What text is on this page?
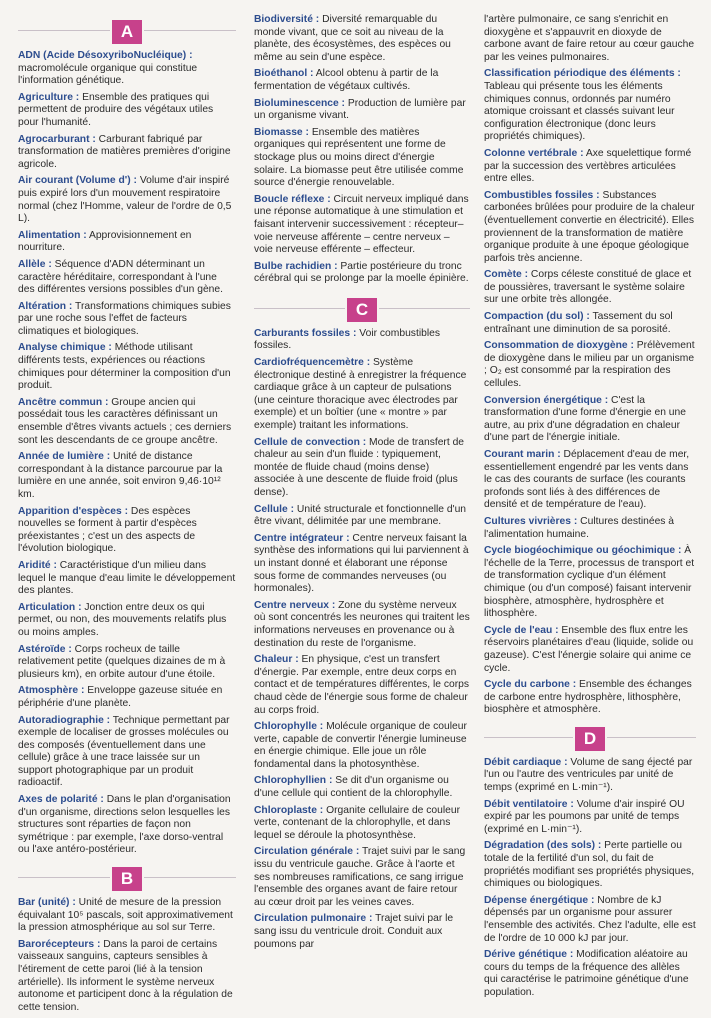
A
ADN (Acide DésoxyriboNucléique) : macromolécule organique qui constitue l'information génétique.
Agriculture : Ensemble des pratiques qui permettent de produire des végétaux utiles pour l'humanité.
Agrocarburant : Carburant fabriqué par transformation de matières premières d'origine agricole.
Air courant (Volume d') : Volume d'air inspiré puis expiré lors d'un mouvement respiratoire normal (chez l'Homme, valeur de l'ordre de 0,5 L).
Alimentation : Approvisionnement en nourriture.
Allèle : Séquence d'ADN déterminant un caractère héréditaire, correspondant à l'une des différentes versions possibles d'un gène.
Altération : Transformations chimiques subies par une roche sous l'effet de facteurs climatiques et biologiques.
Analyse chimique : Méthode utilisant différents tests, expériences ou réactions chimiques pour déterminer la composition d'un produit.
Ancêtre commun : Groupe ancien qui possédait tous les caractères définissant un ensemble d'êtres vivants actuels ; ces derniers sont les descendants de ce groupe ancêtre.
Année de lumière : Unité de distance correspondant à la distance parcourue par la lumière en une année, soit environ 9,46·10¹² km.
Apparition d'espèces : Des espèces nouvelles se forment à partir d'espèces préexistantes ; c'est un des aspects de l'évolution biologique.
Aridité : Caractéristique d'un milieu dans lequel le manque d'eau limite le développement des plantes.
Articulation : Jonction entre deux os qui permet, ou non, des mouvements relatifs plus ou moins amples.
Astéroïde : Corps rocheux de taille relativement petite (quelques dizaines de m à plusieurs km), en orbite autour d'une étoile.
Atmosphère : Enveloppe gazeuse située en périphérie d'une planète.
Autoradiographie : Technique permettant par exemple de localiser de grosses molécules ou des composés (éventuellement dans une cellule) grâce à une trace laissée sur un support photographique par un produit radioactif.
Axes de polarité : Dans le plan d'organisation d'un organisme, directions selon lesquelles les structures sont réparties de façon non symétrique : par exemple, l'axe dorso-ventral ou l'axe antéro-postérieur.
B
Bar (unité) : Unité de mesure de la pression équivalant 10⁵ pascals, soit approximativement la pression atmosphérique au sol sur Terre.
Barorécepteurs : Dans la paroi de certains vaisseaux sanguins, capteurs sensibles à l'étirement de cette paroi (lié à la tension artérielle). Ils informent le système nerveux autonome et participent donc à la régulation de cette tension.
Biodiversité : Diversité remarquable du monde vivant, que ce soit au niveau de la planète, des écosystèmes, des espèces ou même au sein d'une espèce.
Bioéthanol : Alcool obtenu à partir de la fermentation de végétaux cultivés.
Bioluminescence : Production de lumière par un organisme vivant.
Biomasse : Ensemble des matières organiques qui représentent une forme de stockage plus ou moins direct d'énergie solaire. La biomasse peut être utilisée comme source d'énergie renouvelable.
Boucle réflexe : Circuit nerveux impliqué dans une réponse automatique à une stimulation et faisant intervenir successivement : récepteur–voie nerveuse afférente – centre nerveux – voie nerveuse efférente – effecteur.
Bulbe rachidien : Partie postérieure du tronc cérébral qui se prolonge par la moelle épinière.
C
Carburants fossiles : Voir combustibles fossiles.
Cardiofréquencemètre : Système électronique destiné à enregistrer la fréquence cardiaque grâce à un capteur de pulsations (une ceinture thoracique avec électrodes par exemple) et un boîtier (une « montre » par exemple) traitant les informations.
Cellule de convection : Mode de transfert de chaleur au sein d'un fluide : typiquement, montée de fluide chaud (moins dense) associée à une descente de fluide froid (plus dense).
Cellule : Unité structurale et fonctionnelle d'un être vivant, délimitée par une membrane.
Centre intégrateur : Centre nerveux faisant la synthèse des informations qui lui parviennent à un instant donné et élaborant une réponse sous forme de commandes nerveuses (ou hormonales).
Centre nerveux : Zone du système nerveux où sont concentrés les neurones qui traitent les informations nerveuses en provenance ou à destination du reste de l'organisme.
Chaleur : En physique, c'est un transfert d'énergie. Par exemple, entre deux corps en contact et de températures différentes, le corps chaud cède de l'énergie sous forme de chaleur au corps froid.
Chlorophylle : Molécule organique de couleur verte, capable de convertir l'énergie lumineuse en énergie chimique. Elle joue un rôle fondamental dans la photosynthèse.
Chlorophyllien : Se dit d'un organisme ou d'une cellule qui contient de la chlorophylle.
Chloroplaste : Organite cellulaire de couleur verte, contenant de la chlorophylle, et dans lequel se déroule la photosynthèse.
Circulation générale : Trajet suivi par le sang issu du ventricule gauche. Grâce à l'aorte et ses nombreuses ramifications, ce sang irrigue l'ensemble des organes avant de faire retour au cœur droit par les veines caves.
Circulation pulmonaire : Trajet suivi par le sang issu du ventricule droit. Conduit aux poumons par
l'artère pulmonaire, ce sang s'enrichit en dioxygène et s'appauvrit en dioxyde de carbone avant de faire retour au cœur gauche par les veines pulmonaires.
Classification périodique des éléments : Tableau qui présente tous les éléments chimiques connus, ordonnés par numéro atomique croissant et classés suivant leur configuration électronique (donc leurs propriétés chimiques).
Colonne vertébrale : Axe squelettique formé par la succession des vertèbres articulées entre elles.
Combustibles fossiles : Substances carbonées brûlées pour produire de la chaleur (éventuellement convertie en électricité). Elles proviennent de la transformation de matière organique produite à une époque géologique parfois très ancienne.
Comète : Corps céleste constitué de glace et de poussières, traversant le système solaire sur une orbite très allongée.
Compaction (du sol) : Tassement du sol entraînant une diminution de sa porosité.
Consommation de dioxygène : Prélèvement de dioxygène dans le milieu par un organisme ; O₂ est consommé par la respiration des cellules.
Conversion énergétique : C'est la transformation d'une forme d'énergie en une autre, au prix d'une dégradation en chaleur d'une part de l'énergie initiale.
Courant marin : Déplacement d'eau de mer, essentiellement engendré par les vents dans le cas des courants de surface (les courants profonds sont liés à des différences de densité et de température de l'eau).
Cultures vivrières : Cultures destinées à l'alimentation humaine.
Cycle biogéochimique ou géochimique : À l'échelle de la Terre, processus de transport et de transformation cyclique d'un élément chimique (ou d'un composé) faisant intervenir biosphère, atmosphère, hydrosphère et lithosphère.
Cycle de l'eau : Ensemble des flux entre les réservoirs planétaires d'eau (liquide, solide ou gazeuse). C'est l'énergie solaire qui anime ce cycle.
Cycle du carbone : Ensemble des échanges de carbone entre hydrosphère, lithosphère, biosphère et atmosphère.
D
Débit cardiaque : Volume de sang éjecté par l'un ou l'autre des ventricules par unité de temps (exprimé en L·min⁻¹).
Débit ventilatoire : Volume d'air inspiré OU expiré par les poumons par unité de temps (exprimé en L·min⁻¹).
Dégradation (des sols) : Perte partielle ou totale de la fertilité d'un sol, du fait de propriétés modifiant ses propriétés physiques, chimiques ou biologiques.
Dépense énergétique : Nombre de kJ dépensés par un organisme pour assurer l'ensemble des activités. Chez l'adulte, elle est de l'ordre de 10 000 kJ par jour.
Dérive génétique : Modification aléatoire au cours du temps de la fréquence des allèles qui caractérise le patrimoine génétique d'une population.
